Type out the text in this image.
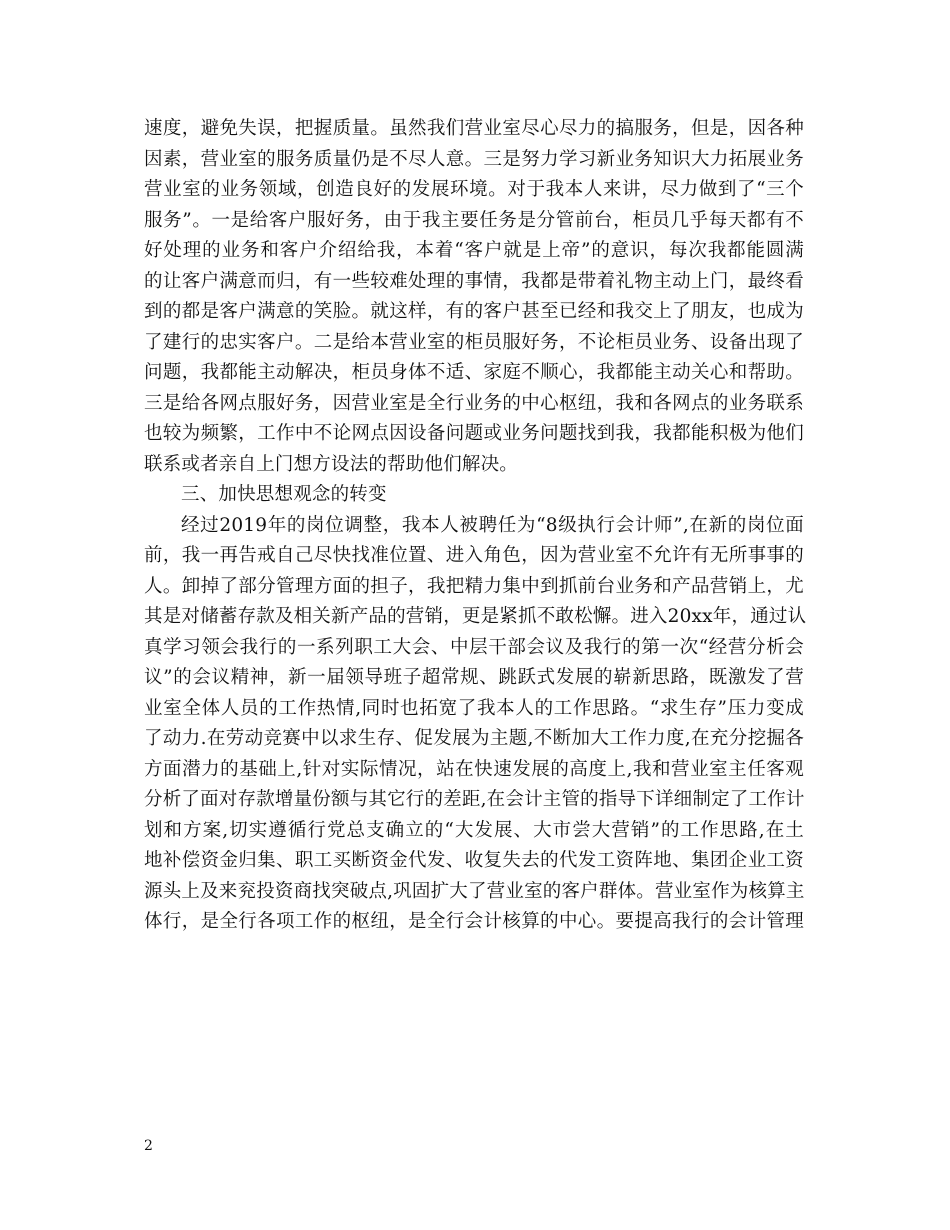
速度，避免失误，把握质量。虽然我们营业室尽心尽力的搞服务，但是，因各种
因素，营业室的服务质量仍是不尽人意。三是努力学习新业务知识大力拓展业务
营业室的业务领域，创造良好的发展环境。对于我本人来讲，尽力做到了“三个
服务”。一是给客户服好务，由于我主要任务是分管前台，柜员几乎每天都有不
好处理的业务和客户介绍给我，本着“客户就是上帝”的意识，每次我都能圆满
的让客户满意而归，有一些较难处理的事情，我都是带着礼物主动上门，最终看
到的都是客户满意的笑脸。就这样，有的客户甚至已经和我交上了朋友，也成为
了建行的忠实客户。二是给本营业室的柜员服好务，不论柜员业务、设备出现了
问题，我都能主动解决，柜员身体不适、家庭不顺心，我都能主动关心和帮助。
三是给各网点服好务，因营业室是全行业务的中心枢纽，我和各网点的业务联系
也较为频繁，工作中不论网点因设备问题或业务问题找到我，我都能积极为他们
联系或者亲自上门想方设法的帮助他们解决。
三、加快思想观念的转变
经过2019年的岗位调整，我本人被聘任为“8级执行会计师”,在新的岗位面
前，我一再告戒自己尽快找准位置、进入角色，因为营业室不允许有无所事事的
人。卸掉了部分管理方面的担子，我把精力集中到抓前台业务和产品营销上，尤
其是对储蓄存款及相关新产品的营销，更是紧抓不敢松懈。进入20xx年，通过认
真学习领会我行的一系列职工大会、中层干部会议及我行的第一次“经营分析会
议”的会议精神，新一届领导班子超常规、跳跃式发展的崭新思路，既激发了营
业室全体人员的工作热情,同时也拓宽了我本人的工作思路。“求生存”压力变成
了动力.在劳动竞赛中以求生存、促发展为主题,不断加大工作力度,在充分挖掘各
方面潜力的基础上,针对实际情况，站在快速发展的高度上,我和营业室主任客观
分析了面对存款增量份额与其它行的差距,在会计主管的指导下详细制定了工作计
划和方案,切实遵循行党总支确立的“大发展、大市尝大营销”的工作思路,在土
地补偿资金归集、职工买断资金代发、收复失去的代发工资阵地、集团企业工资
源头上及来兖投资商找突破点,巩固扩大了营业室的客户群体。营业室作为核算主
体行，是全行各项工作的枢纽，是全行会计核算的中心。要提高我行的会计管理
2
